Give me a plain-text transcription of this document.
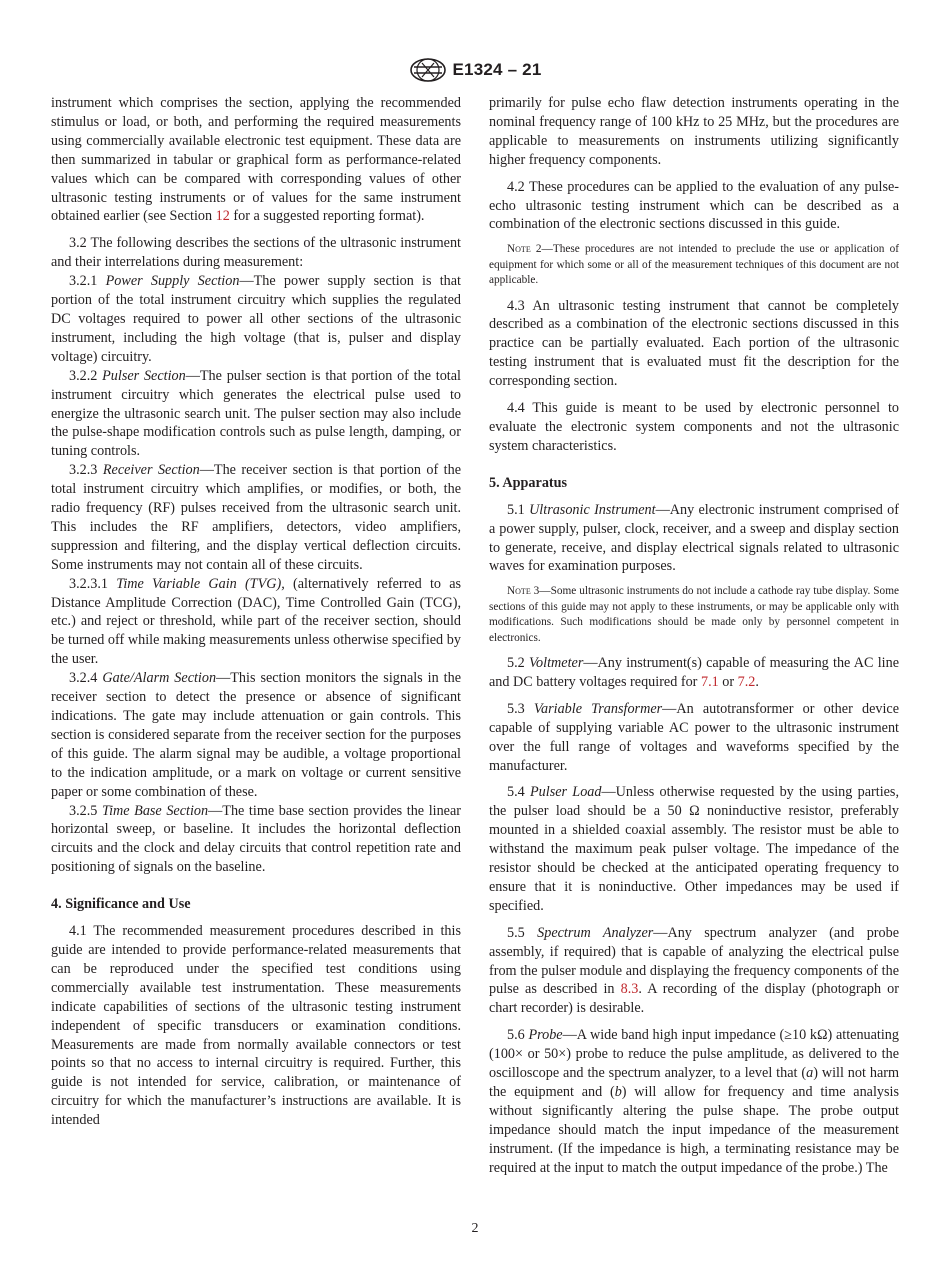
E1324 – 21

instrument which comprises the section, applying the recommended stimulus or load, or both, and performing the required measurements using commercially available electronic test equipment. These data are then summarized in tabular or graphical form as performance-related values which can be compared with corresponding values of other ultrasonic testing instruments or of values for the same instrument obtained earlier (see Section 12 for a suggested reporting format).

3.2 The following describes the sections of the ultrasonic instrument and their interrelations during measurement:

3.2.1 Power Supply Section—The power supply section is that portion of the total instrument circuitry which supplies the regulated DC voltages required to power all other sections of the ultrasonic instrument, including the high voltage (that is, pulser and display voltage) circuitry.

3.2.2 Pulser Section—The pulser section is that portion of the total instrument circuitry which generates the electrical pulse used to energize the ultrasonic search unit. The pulser section may also include the pulse-shape modification controls such as pulse length, damping, or tuning controls.

3.2.3 Receiver Section—The receiver section is that portion of the total instrument circuitry which amplifies, or modifies, or both, the radio frequency (RF) pulses received from the ultrasonic search unit. This includes the RF amplifiers, detectors, video amplifiers, suppression and filtering, and the display vertical deflection circuits. Some instruments may not contain all of these circuits.

3.2.3.1 Time Variable Gain (TVG), (alternatively referred to as Distance Amplitude Correction (DAC), Time Controlled Gain (TCG), etc.) and reject or threshold, while part of the receiver section, should be turned off while making measurements unless otherwise specified by the user.

3.2.4 Gate/Alarm Section—This section monitors the signals in the receiver section to detect the presence or absence of significant indications. The gate may include attenuation or gain controls. This section is considered separate from the receiver section for the purposes of this guide. The alarm signal may be audible, a voltage proportional to the indication amplitude, or a mark on voltage or current sensitive paper or some combination of these.

3.2.5 Time Base Section—The time base section provides the linear horizontal sweep, or baseline. It includes the horizontal deflection circuits and the clock and delay circuits that control repetition rate and positioning of signals on the baseline.

4. Significance and Use

4.1 The recommended measurement procedures described in this guide are intended to provide performance-related measurements that can be reproduced under the specified test conditions using commercially available test instrumentation. These measurements indicate capabilities of sections of the ultrasonic testing instrument independent of specific transducers or examination conditions. Measurements are made from normally available connectors or test points so that no access to internal circuitry is required. Further, this guide is not intended for service, calibration, or maintenance of circuitry for which the manufacturer’s instructions are available. It is intended

primarily for pulse echo flaw detection instruments operating in the nominal frequency range of 100 kHz to 25 MHz, but the procedures are applicable to measurements on instruments utilizing significantly higher frequency components.

4.2 These procedures can be applied to the evaluation of any pulse-echo ultrasonic testing instrument which can be described as a combination of the electronic sections discussed in this guide.

Note 2—These procedures are not intended to preclude the use or application of equipment for which some or all of the measurement techniques of this document are not applicable.

4.3 An ultrasonic testing instrument that cannot be completely described as a combination of the electronic sections discussed in this practice can be partially evaluated. Each portion of the ultrasonic testing instrument that is evaluated must fit the description for the corresponding section.

4.4 This guide is meant to be used by electronic personnel to evaluate the electronic system components and not the ultrasonic system characteristics.

5. Apparatus

5.1 Ultrasonic Instrument—Any electronic instrument comprised of a power supply, pulser, clock, receiver, and a sweep and display section to generate, receive, and display electrical signals related to ultrasonic waves for examination purposes.

Note 3—Some ultrasonic instruments do not include a cathode ray tube display. Some sections of this guide may not apply to these instruments, or may be applicable only with modifications. Such modifications should be made only by personnel competent in electronics.

5.2 Voltmeter—Any instrument(s) capable of measuring the AC line and DC battery voltages required for 7.1 or 7.2.

5.3 Variable Transformer—An autotransformer or other device capable of supplying variable AC power to the ultrasonic instrument over the full range of voltages and waveforms specified by the manufacturer.

5.4 Pulser Load—Unless otherwise requested by the using parties, the pulser load should be a 50 Ω noninductive resistor, preferably mounted in a shielded coaxial assembly. The resistor must be able to withstand the maximum peak pulser voltage. The impedance of the resistor should be checked at the anticipated operating frequency to ensure that it is noninductive. Other impedances may be used if specified.

5.5 Spectrum Analyzer—Any spectrum analyzer (and probe assembly, if required) that is capable of analyzing the electrical pulse from the pulser module and displaying the frequency components of the pulse as described in 8.3. A recording of the display (photograph or chart recorder) is desirable.

5.6 Probe—A wide band high input impedance (≥10 kΩ) attenuating (100× or 50×) probe to reduce the pulse amplitude, as delivered to the oscilloscope and the spectrum analyzer, to a level that (a) will not harm the equipment and (b) will allow for frequency and time analysis without significantly altering the pulse shape. The probe output impedance should match the input impedance of the measurement instrument. (If the impedance is high, a terminating resistance may be required at the input to match the output impedance of the probe.) The

2
